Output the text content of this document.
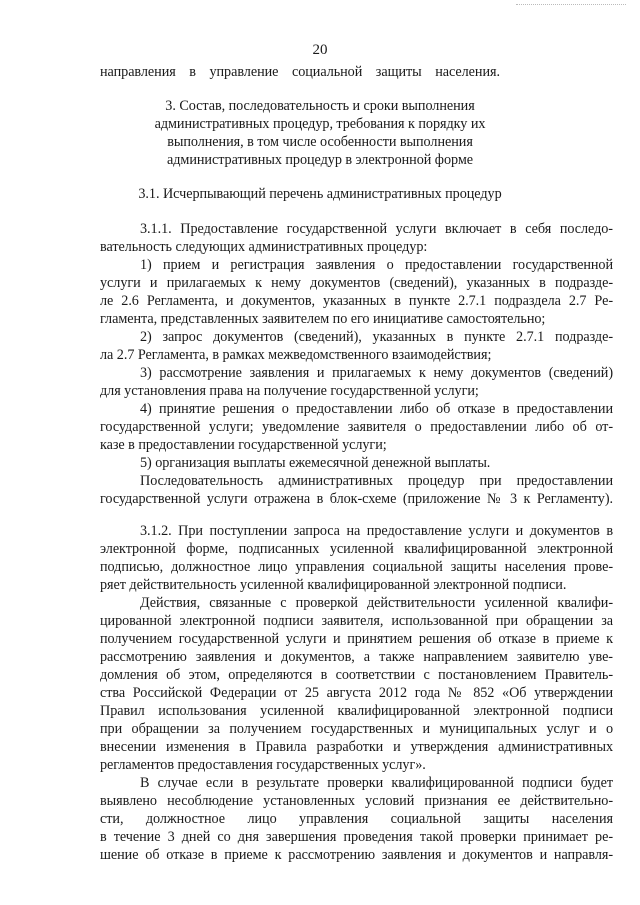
20
направления в управление социальной защиты населения.
3. Состав, последовательность и сроки выполнения
административных процедур, требования к порядку их
выполнения, в том числе особенности выполнения
административных процедур в электронной форме
3.1. Исчерпывающий перечень административных процедур
3.1.1. Предоставление государственной услуги включает в себя последо-
вательность следующих административных процедур:
1) прием и регистрация заявления о предоставлении государственной
услуги и прилагаемых к нему документов (сведений), указанных в подразде-
ле 2.6 Регламента, и документов, указанных в пункте 2.7.1 подраздела 2.7 Ре-
гламента, представленных заявителем по его инициативе самостоятельно;
2) запрос документов (сведений), указанных в пункте 2.7.1 подразде-
ла 2.7 Регламента, в рамках межведомственного взаимодействия;
3) рассмотрение заявления и прилагаемых к нему документов (сведений)
для установления права на получение государственной услуги;
4) принятие решения о предоставлении либо об отказе в предоставлении
государственной услуги; уведомление заявителя о предоставлении либо об от-
казе в предоставлении государственной услуги;
5) организация выплаты ежемесячной денежной выплаты.
Последовательность административных процедур при предоставлении
государственной услуги отражена в блок-схеме (приложение № 3 к Регламенту).
3.1.2. При поступлении запроса на предоставление услуги и документов в
электронной форме, подписанных усиленной квалифицированной электронной
подписью, должностное лицо управления социальной защиты населения прове-
ряет действительность усиленной квалифицированной электронной подписи.
Действия, связанные с проверкой действительности усиленной квалифи-
цированной электронной подписи заявителя, использованной при обращении за
получением государственной услуги и принятием решения об отказе в приеме к
рассмотрению заявления и документов, а также направлением заявителю уве-
домления об этом, определяются в соответствии с постановлением Правитель-
ства Российской Федерации от 25 августа 2012 года № 852 «Об утверждении
Правил использования усиленной квалифицированной электронной подписи
при обращении за получением государственных и муниципальных услуг и о
внесении изменения в Правила разработки и утверждения административных
регламентов предоставления государственных услуг».
В случае если в результате проверки квалифицированной подписи будет
выявлено несоблюдение установленных условий признания ее действительно-
сти, должностное лицо управления социальной защиты населения
в течение 3 дней со дня завершения проведения такой проверки принимает ре-
шение об отказе в приеме к рассмотрению заявления и документов и направля-
